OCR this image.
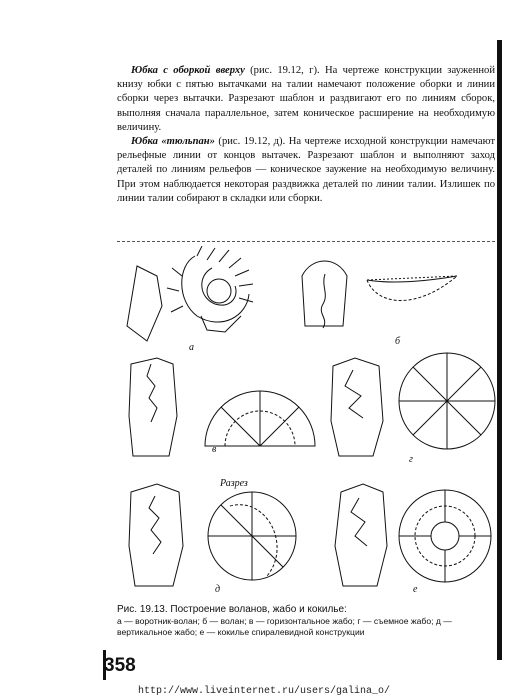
Юбка с оборкой вверху (рис. 19.12, г). На чертеже конструкции зауженной книзу юбки с пятью вытачками на талии намечают положение оборки и линии сборки через вытачки. Разрезают шаблон и раздвигают его по линиям сборок, выполняя сначала параллельное, затем коническое расширение на необходимую величину.

Юбка «тюльпан» (рис. 19.12, д). На чертеже исходной конструкции намечают рельефные линии от концов вытачек. Разрезают шаблон и выполняют заход деталей по линиям рельефов — коническое заужение на необходимую величину. При этом наблюдается некоторая раздвижка деталей по линии талии. Излишек по линии талии собирают в складки или сборки.

а
б
в
г
Разрез
д	е
Рис. 19.13. Построение воланов, жабо и кокилье:
а — воротник-волан; б — волан; в — горизонтальное жабо; г — съемное жабо; д — вертикальное жабо; е — кокилье спиралевидной конструкции
358
http://www.liveinternet.ru/users/galina_o/
